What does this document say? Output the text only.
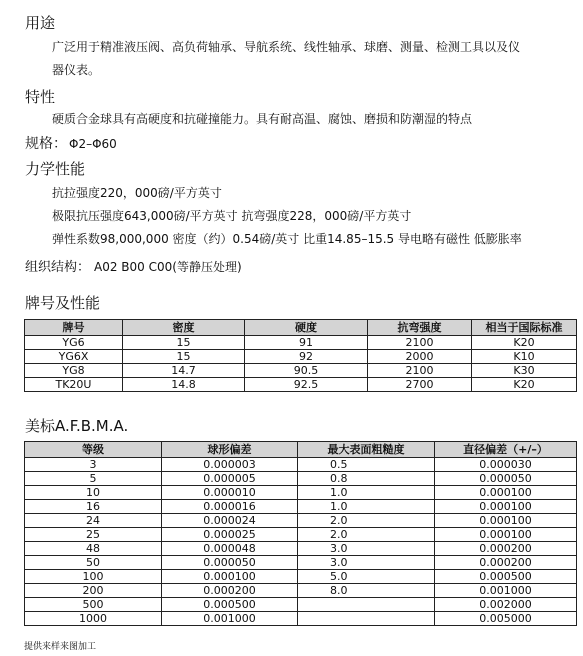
用途
广泛用于精准液压阀、高负荷轴承、导航系统、线性轴承、球磨、测量、检测工具以及仪
器仪表。
特性
硬质合金球具有高硬度和抗碰撞能力。具有耐高温、腐蚀、磨损和防潮湿的特点
规格： Φ2–Φ60
力学性能
抗拉强度220，000磅/平方英寸
极限抗压强度643,000磅/平方英寸 抗弯强度228，000磅/平方英寸
弹性系数98,000,000 密度（约）0.54磅/英寸 比重14.85–15.5 导电略有磁性 低膨胀率
组织结构： A02 B00 C00(等静压处理)
牌号及性能
牌号	密度	硬度	抗弯强度	相当于国际标准
YG6	15	91	2100	K20
YG6X	15	92	2000	K10
YG8	14.7	90.5	2100	K30
TK20U	14.8	92.5	2700	K20
美标A.F.B.M.A.
等级	球形偏差	最大表面粗糙度	直径偏差（+/–）
3	0.000003	0.5	0.000030
5	0.000005	0.8	0.000050
10	0.000010	1.0	0.000100
16	0.000016	1.0	0.000100
24	0.000024	2.0	0.000100
25	0.000025	2.0	0.000100
48	0.000048	3.0	0.000200
50	0.000050	3.0	0.000200
100	0.000100	5.0	0.000500
200	0.000200	8.0	0.001000
500	0.000500		0.002000
1000	0.001000		0.005000
提供来样来图加工
